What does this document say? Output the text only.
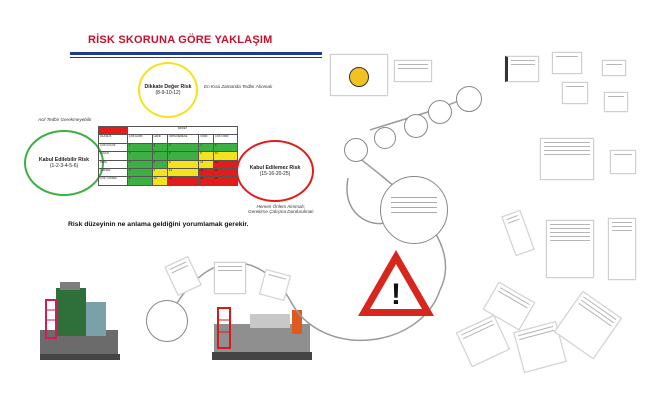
RİSK SKORUNA GÖRE YAKLAŞIM
Dikkate Değer Risk
(8-9-10-12)
En Kısa Zamanda Tedbir Alınmalı
Acil Tedbir Gerekmeyebilir
Kabul Edilebilir Risk
(1-2-3-4-5-6)	Kabul Edilemez Risk
(15-16-20-25)
Hemen Önlem Alınmalı;
Gerekirse Çalışma Durdurulmalı
	ŞİDDET				
OLASILIK	ÇOK HAFİF	HAFİF	ORTA DERECE	CİDDİ	ÇOK CİDDİ
ÇOK KÜÇÜK	1	2	3	4	5
KÜÇÜK	2	4	6	8	10
ORTA	3	6	9	12	15
YÜKSEK	4	8	12	16	20
ÇOK YÜKSEK	5	10	15	20	25
Risk düzeyinin ne anlama geldiğini yorumlamak gerekir.
!
